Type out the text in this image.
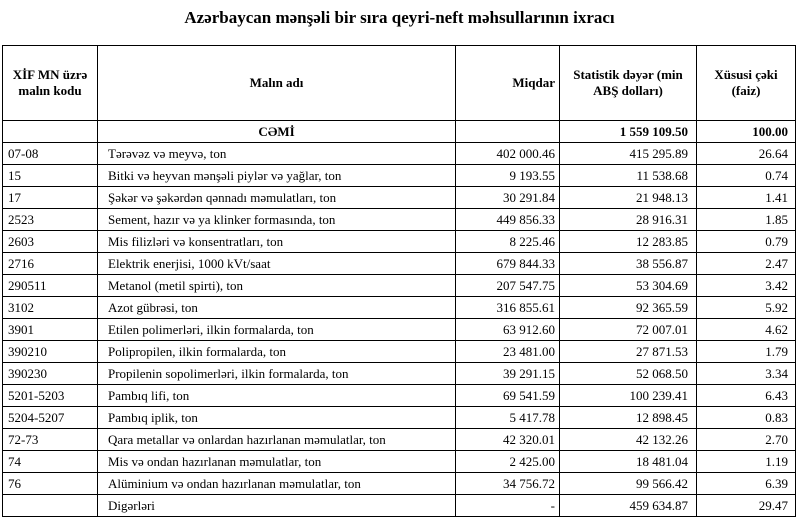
Azərbaycan mənşəli bir sıra qeyri-neft məhsullarının ixracı
XİF MN üzrə malın kodu	Malın adı	Miqdar	Statistik dəyər (min ABŞ dolları)	Xüsusi çəki (faiz)
	CƏMİ		1 559 109.50	100.00
07-08	Tərəvəz və meyvə, ton	402 000.46	415 295.89	26.64
15	Bitki və heyvan mənşəli piylər və yağlar, ton	9 193.55	11 538.68	0.74
17	Şəkər və şəkərdən qənnadı məmulatları, ton	30 291.84	21 948.13	1.41
2523	Sement, hazır və ya klinker formasında, ton	449 856.33	28 916.31	1.85
2603	Mis filizləri və konsentratları, ton	8 225.46	12 283.85	0.79
2716	Elektrik enerjisi, 1000 kVt/saat	679 844.33	38 556.87	2.47
290511	Metanol (metil spirti), ton	207 547.75	53 304.69	3.42
3102	Azot gübrəsi, ton	316 855.61	92 365.59	5.92
3901	Etilen polimerləri, ilkin formalarda, ton	63 912.60	72 007.01	4.62
390210	Polipropilen, ilkin formalarda, ton	23 481.00	27 871.53	1.79
390230	Propilenin sopolimerləri, ilkin formalarda, ton	39 291.15	52 068.50	3.34
5201-5203	Pambıq lifi, ton	69 541.59	100 239.41	6.43
5204-5207	Pambıq iplik, ton	5 417.78	12 898.45	0.83
72-73	Qara metallar və onlardan hazırlanan məmulatlar, ton	42 320.01	42 132.26	2.70
74	Mis və ondan hazırlanan məmulatlar, ton	2 425.00	18 481.04	1.19
76	Alüminium və ondan hazırlanan məmulatlar, ton	34 756.72	99 566.42	6.39
	Digərləri	-	459 634.87	29.47
